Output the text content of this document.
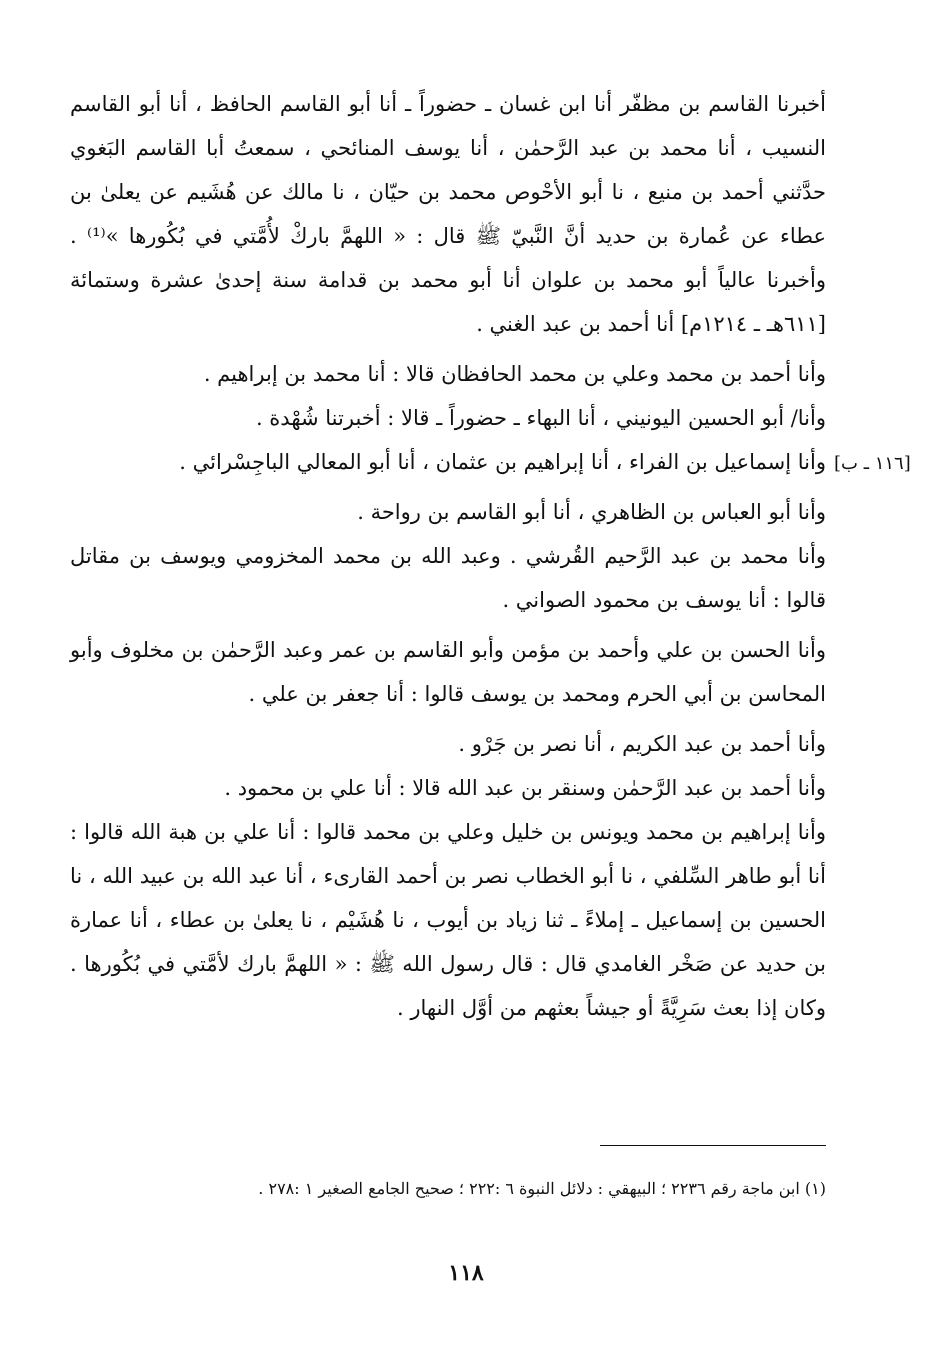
أخبرنا القاسم بن مظفّر أنا ابن غسان ـ حضوراً ـ أنا أبو القاسم الحافظ ، أنا أبو القاسم النسيب ، أنا محمد بن عبد الرَّحمٰن ، أنا يوسف المنائحي ، سمعتُ أبا القاسم البَغوي حدَّثني أحمد بن منيع ، نا أبو الأحْوص محمد بن حيّان ، نا مالك عن هُشَيم عن يعلىٰ بن عطاء عن عُمارة بن حديد أنَّ النَّبيّ ﷺ قال : « اللهمَّ باركْ لأُمَّتي في بُكُورها »⁽¹⁾ . وأخبرنا عالياً أبو محمد بن علوان أنا أبو محمد بن قدامة سنة إحدىٰ عشرة وستمائة [٦١١هـ ـ ١٢١٤م] أنا أحمد بن عبد الغني .

وأنا أحمد بن محمد وعلي بن محمد الحافظان قالا : أنا محمد بن إبراهيم .

وأنا/ أبو الحسين اليونيني ، أنا البهاء ـ حضوراً ـ قالا : أخبرتنا شُهْدة .

وأنا إسماعيل بن الفراء ، أنا إبراهيم بن عثمان ، أنا أبو المعالي الباجِسْرائي .

وأنا أبو العباس بن الظاهري ، أنا أبو القاسم بن رواحة .

وأنا محمد بن عبد الرَّحيم القُرشي . وعبد الله بن محمد المخزومي ويوسف بن مقاتل قالوا : أنا يوسف بن محمود الصواني .

وأنا الحسن بن علي وأحمد بن مؤمن وأبو القاسم بن عمر وعبد الرَّحمٰن بن مخلوف وأبو المحاسن بن أبي الحرم ومحمد بن يوسف قالوا : أنا جعفر بن علي .

وأنا أحمد بن عبد الكريم ، أنا نصر بن جَرْو .

وأنا أحمد بن عبد الرَّحمٰن وسنقر بن عبد الله قالا : أنا علي بن محمود .

وأنا إبراهيم بن محمد ويونس بن خليل وعلي بن محمد قالوا : أنا علي بن هبة الله قالوا : أنا أبو طاهر السِّلفي ، نا أبو الخطاب نصر بن أحمد القارىء ، أنا عبد الله بن عبيد الله ، نا الحسين بن إسماعيل ـ إملاءً ـ ثنا زياد بن أيوب ، نا هُشَيْم ، نا يعلىٰ بن عطاء ، أنا عمارة بن حديد عن صَخْر الغامدي قال : قال رسول الله ﷺ : « اللهمَّ بارك لأمَّتي في بُكُورها . وكان إذا بعث سَرِيَّةً أو جيشاً بعثهم من أوَّل النهار .

[١١٦ ـ ب]
(١) ابن ماجة رقم ٢٢٣٦ ؛ البيهقي : دلائل النبوة ٦ :٢٢٢ ؛ صحيح الجامع الصغير ١ :٢٧٨ .
١١٨
